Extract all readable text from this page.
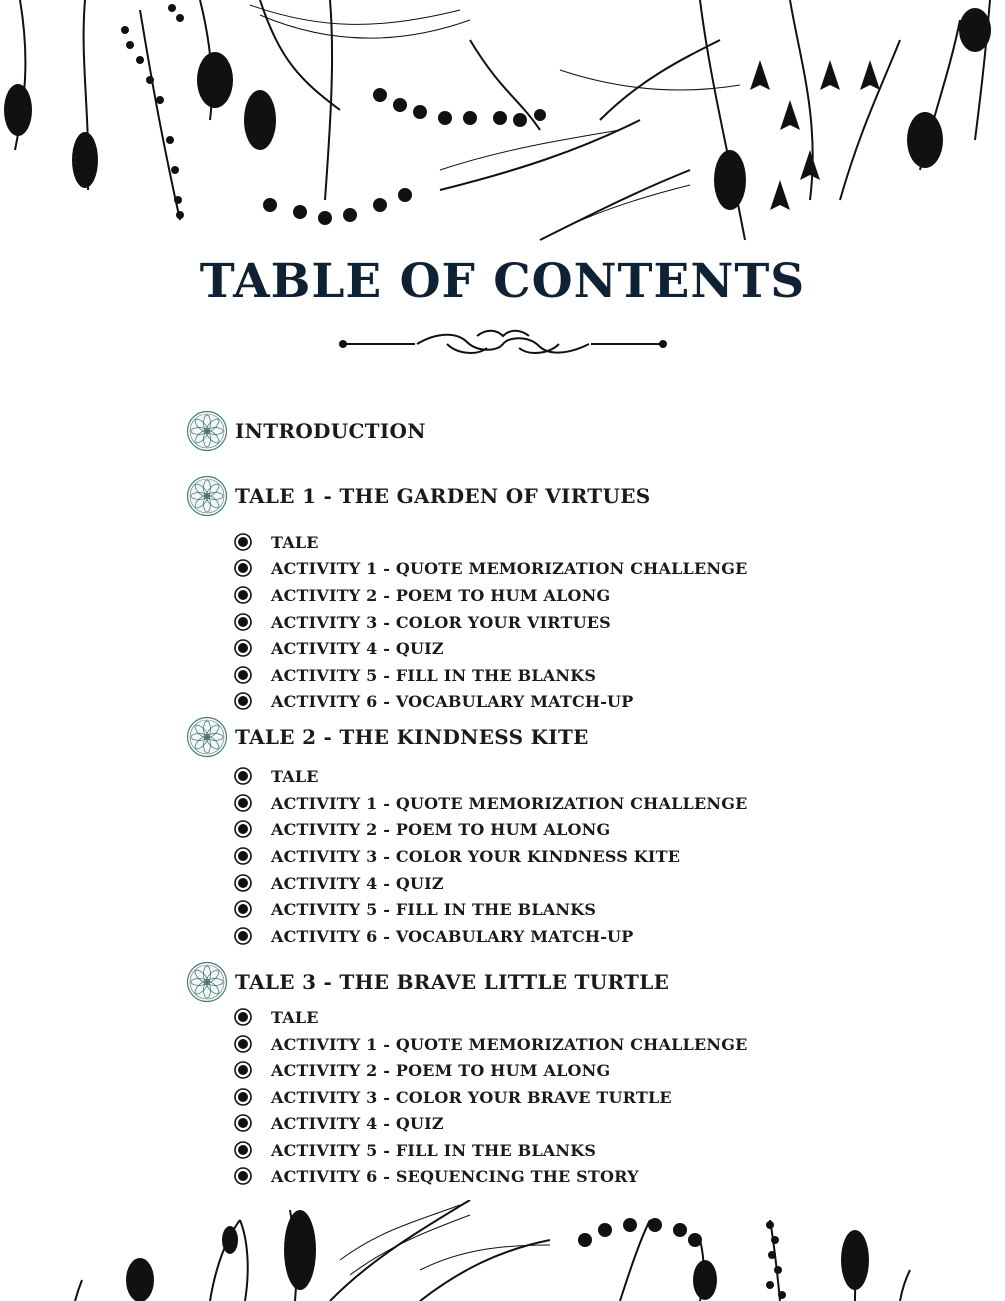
TABLE OF CONTENTS
INTRODUCTION
TALE 1 - THE GARDEN OF VIRTUES
TALE
ACTIVITY 1 - QUOTE MEMORIZATION CHALLENGE
ACTIVITY 2 - POEM TO HUM ALONG
ACTIVITY 3 - COLOR YOUR VIRTUES
ACTIVITY 4 - QUIZ
ACTIVITY 5 - FILL IN THE BLANKS
ACTIVITY 6 - VOCABULARY MATCH-UP
TALE 2 - THE KINDNESS KITE
TALE
ACTIVITY 1 - QUOTE MEMORIZATION CHALLENGE
ACTIVITY 2 - POEM TO HUM ALONG
ACTIVITY 3 - COLOR YOUR KINDNESS KITE
ACTIVITY 4 - QUIZ
ACTIVITY 5 - FILL IN THE BLANKS
ACTIVITY 6 - VOCABULARY MATCH-UP
TALE 3 - THE BRAVE LITTLE TURTLE
TALE
ACTIVITY 1 - QUOTE MEMORIZATION CHALLENGE
ACTIVITY 2 - POEM TO HUM ALONG
ACTIVITY 3 - COLOR YOUR BRAVE TURTLE
ACTIVITY 4 - QUIZ
ACTIVITY 5 - FILL IN THE BLANKS
ACTIVITY 6 - SEQUENCING THE STORY
